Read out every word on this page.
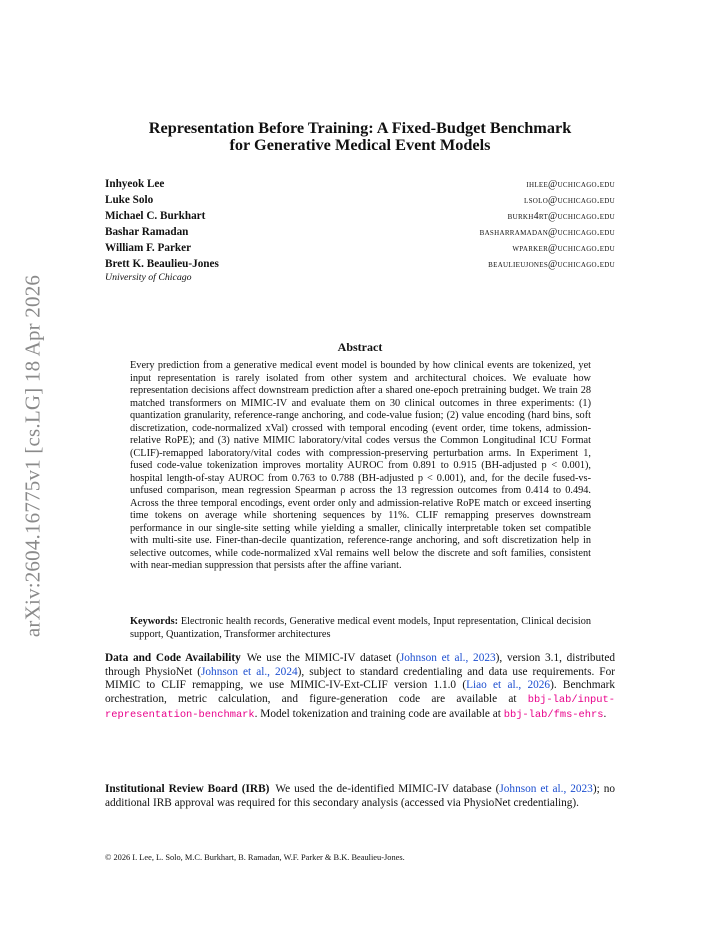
arXiv:2604.16775v1 [cs.LG] 18 Apr 2026
Representation Before Training: A Fixed-Budget Benchmark
for Generative Medical Event Models
Inhyeok Lee	ihlee@uchicago.edu
Luke Solo	lsolo@uchicago.edu
Michael C. Burkhart	burkh4rt@uchicago.edu
Bashar Ramadan	basharramadan@uchicago.edu
William F. Parker	wparker@uchicago.edu
Brett K. Beaulieu-Jones	beaulieujones@uchicago.edu
University of Chicago
Abstract
Every prediction from a generative medical event model is bounded by how clinical events are tokenized, yet input representation is rarely isolated from other system and architectural choices. We evaluate how representation decisions affect downstream prediction after a shared one-epoch pretraining budget. We train 28 matched transformers on MIMIC-IV and evaluate them on 30 clinical outcomes in three experiments: (1) quantization granularity, reference-range anchoring, and code-value fusion; (2) value encoding (hard bins, soft discretization, code-normalized xVal) crossed with temporal encoding (event order, time tokens, admission-relative RoPE); and (3) native MIMIC laboratory/vital codes versus the Common Longitudinal ICU Format (CLIF)-remapped laboratory/vital codes with compression-preserving perturbation arms. In Experiment 1, fused code-value tokenization improves mortality AUROC from 0.891 to 0.915 (BH-adjusted p < 0.001), hospital length-of-stay AUROC from 0.763 to 0.788 (BH-adjusted p < 0.001), and, for the decile fused-vs-unfused comparison, mean regression Spearman ρ across the 13 regression outcomes from 0.414 to 0.494. Across the three temporal encodings, event order only and admission-relative RoPE match or exceed inserting time tokens on average while shortening sequences by 11%. CLIF remapping preserves downstream performance in our single-site setting while yielding a smaller, clinically interpretable token set compatible with multi-site use. Finer-than-decile quantization, reference-range anchoring, and soft discretization help in selective outcomes, while code-normalized xVal remains well below the discrete and soft families, consistent with near-median suppression that persists after the affine variant.
Keywords: Electronic health records, Generative medical event models, Input representation, Clinical decision support, Quantization, Transformer architectures
Data and Code Availability We use the MIMIC-IV dataset (Johnson et al., 2023), version 3.1, distributed through PhysioNet (Johnson et al., 2024), subject to standard credentialing and data use requirements. For MIMIC to CLIF remapping, we use MIMIC-IV-Ext-CLIF version 1.1.0 (Liao et al., 2026). Benchmark orchestration, metric calculation, and figure-generation code are available at bbj-lab/input-representation-benchmark. Model tokenization and training code are available at bbj-lab/fms-ehrs.
Institutional Review Board (IRB) We used the de-identified MIMIC-IV database (Johnson et al., 2023); no additional IRB approval was required for this secondary analysis (accessed via PhysioNet credentialing).
© 2026 I. Lee, L. Solo, M.C. Burkhart, B. Ramadan, W.F. Parker & B.K. Beaulieu-Jones.
